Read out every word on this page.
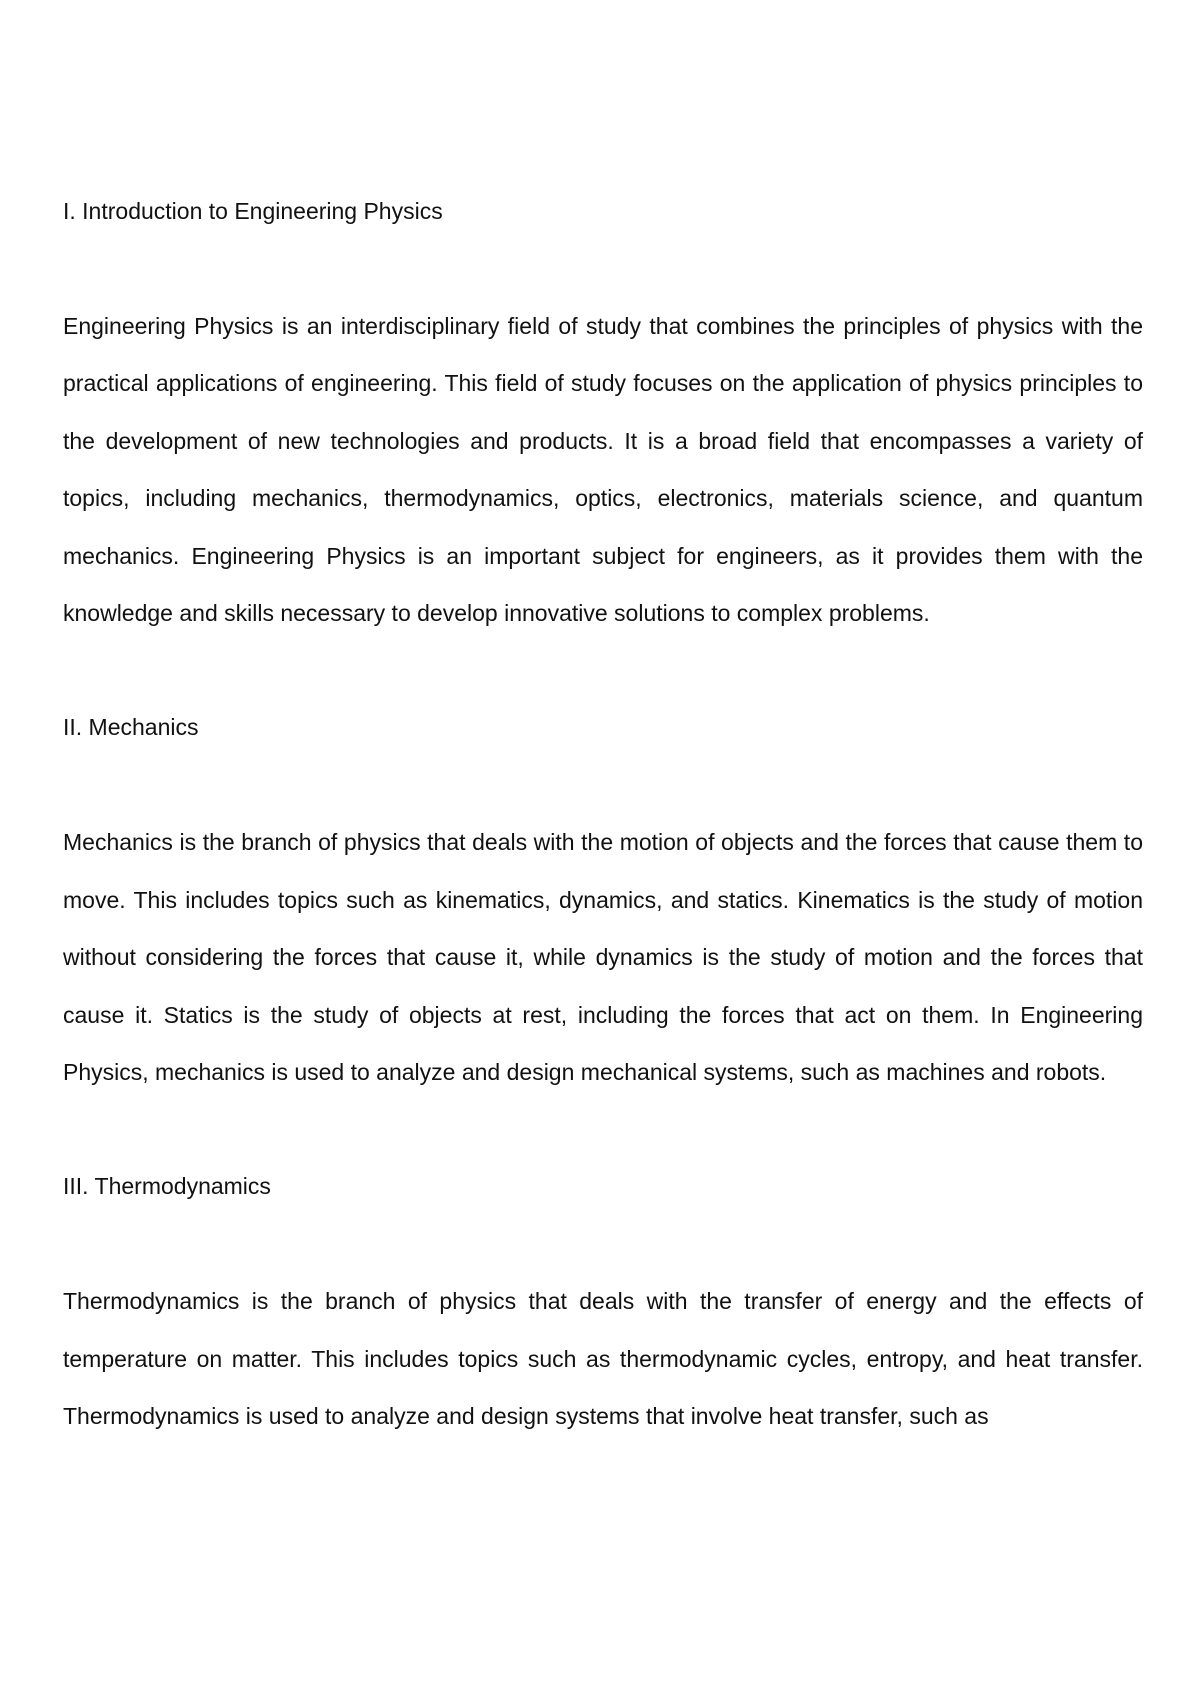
I. Introduction to Engineering Physics

Engineering Physics is an interdisciplinary field of study that combines the principles of physics with the practical applications of engineering. This field of study focuses on the application of physics principles to the development of new technologies and products. It is a broad field that encompasses a variety of topics, including mechanics, thermodynamics, optics, electronics, materials science, and quantum mechanics. Engineering Physics is an important subject for engineers, as it provides them with the knowledge and skills necessary to develop innovative solutions to complex problems.

II. Mechanics

Mechanics is the branch of physics that deals with the motion of objects and the forces that cause them to move. This includes topics such as kinematics, dynamics, and statics. Kinematics is the study of motion without considering the forces that cause it, while dynamics is the study of motion and the forces that cause it. Statics is the study of objects at rest, including the forces that act on them. In Engineering Physics, mechanics is used to analyze and design mechanical systems, such as machines and robots.

III. Thermodynamics

Thermodynamics is the branch of physics that deals with the transfer of energy and the effects of temperature on matter. This includes topics such as thermodynamic cycles, entropy, and heat transfer. Thermodynamics is used to analyze and design systems that involve heat transfer, such as
